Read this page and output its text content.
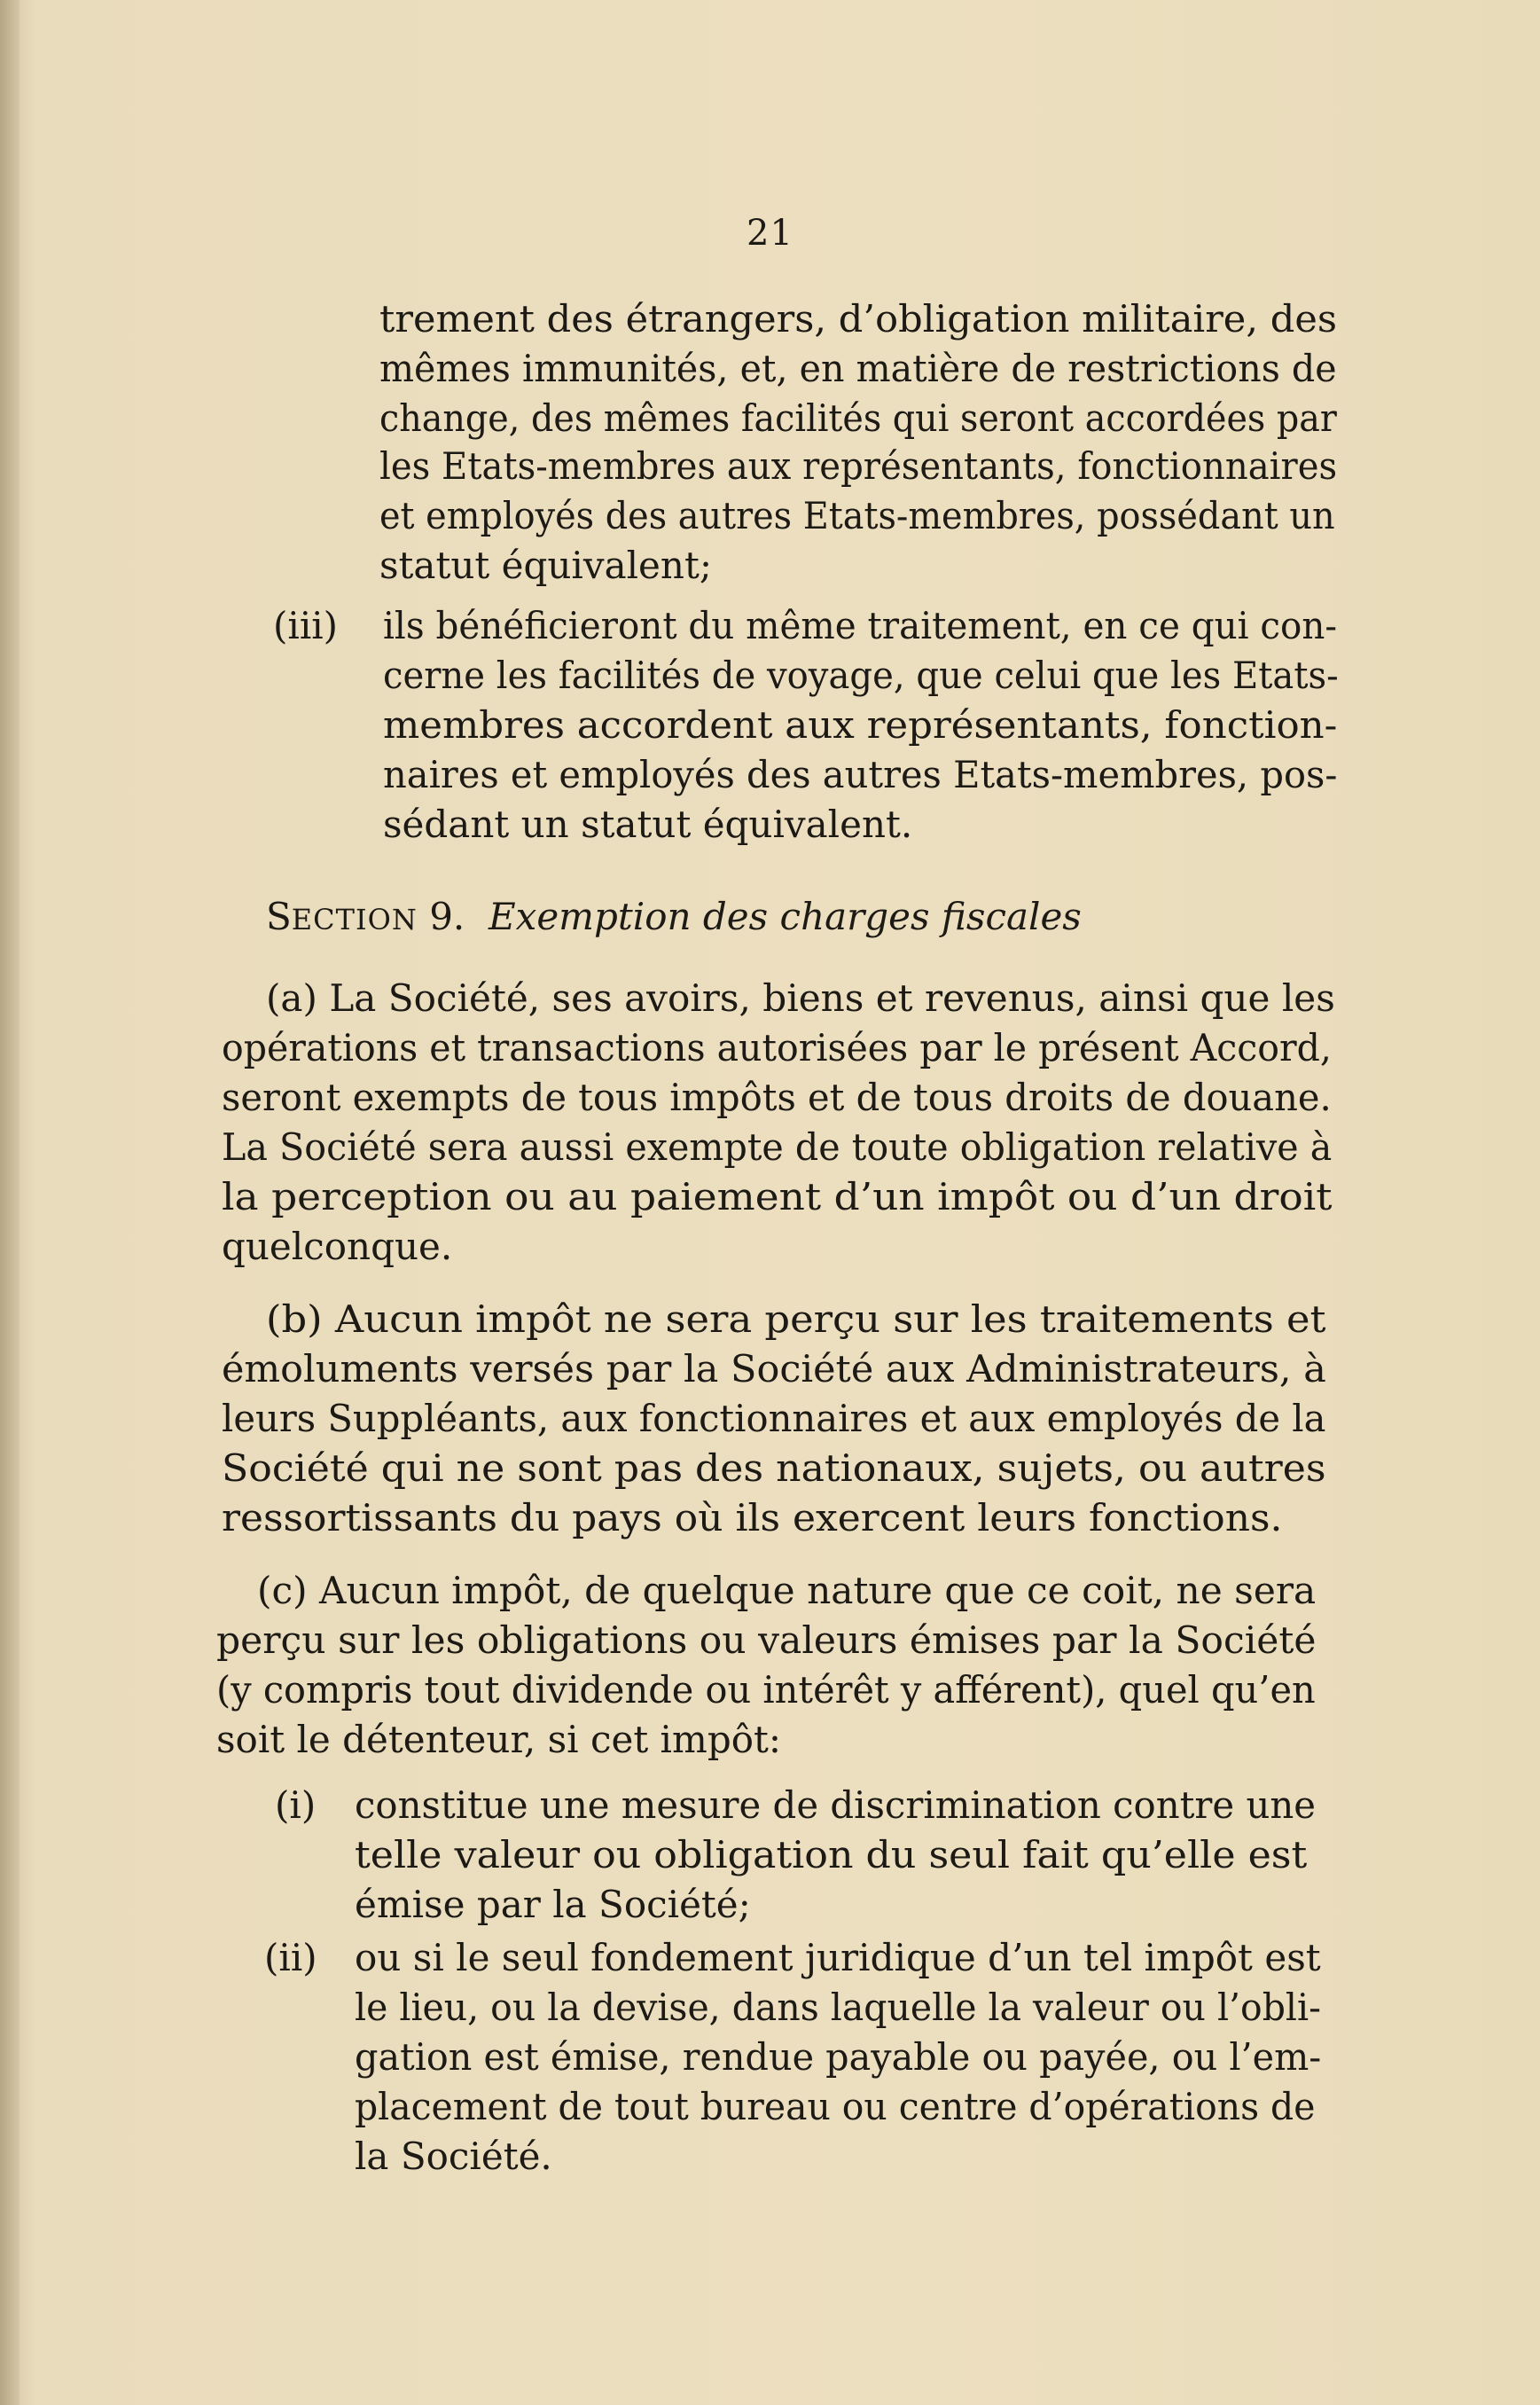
21
trement des étrangers, d’obligation militaire, des
mêmes immunités, et, en matière de restrictions de
change, des mêmes facilités qui seront accordées par
les Etats-membres aux représentants, fonctionnaires
et employés des autres Etats-membres, possédant un
statut équivalent;
(iii) ils bénéficieront du même traitement, en ce qui con-
cerne les facilités de voyage, que celui que les Etats-
membres accordent aux représentants, fonction-
naires et employés des autres Etats-membres, pos-
sédant un statut équivalent.
SECTION 9. Exemption des charges fiscales
(a) La Société, ses avoirs, biens et revenus, ainsi que les
opérations et transactions autorisées par le présent Accord,
seront exempts de tous impôts et de tous droits de douane.
La Société sera aussi exempte de toute obligation relative à
la perception ou au paiement d’un impôt ou d’un droit
quelconque.
(b) Aucun impôt ne sera perçu sur les traitements et
émoluments versés par la Société aux Administrateurs, à
leurs Suppléants, aux fonctionnaires et aux employés de la
Société qui ne sont pas des nationaux, sujets, ou autres
ressortissants du pays où ils exercent leurs fonctions.
(c) Aucun impôt, de quelque nature que ce coit, ne sera
perçu sur les obligations ou valeurs émises par la Société
(y compris tout dividende ou intérêt y afférent), quel qu’en
soit le détenteur, si cet impôt:
(i) constitue une mesure de discrimination contre une
telle valeur ou obligation du seul fait qu’elle est
émise par la Société;
(ii) ou si le seul fondement juridique d’un tel impôt est
le lieu, ou la devise, dans laquelle la valeur ou l’obli-
gation est émise, rendue payable ou payée, ou l’em-
placement de tout bureau ou centre d’opérations de
la Société.
